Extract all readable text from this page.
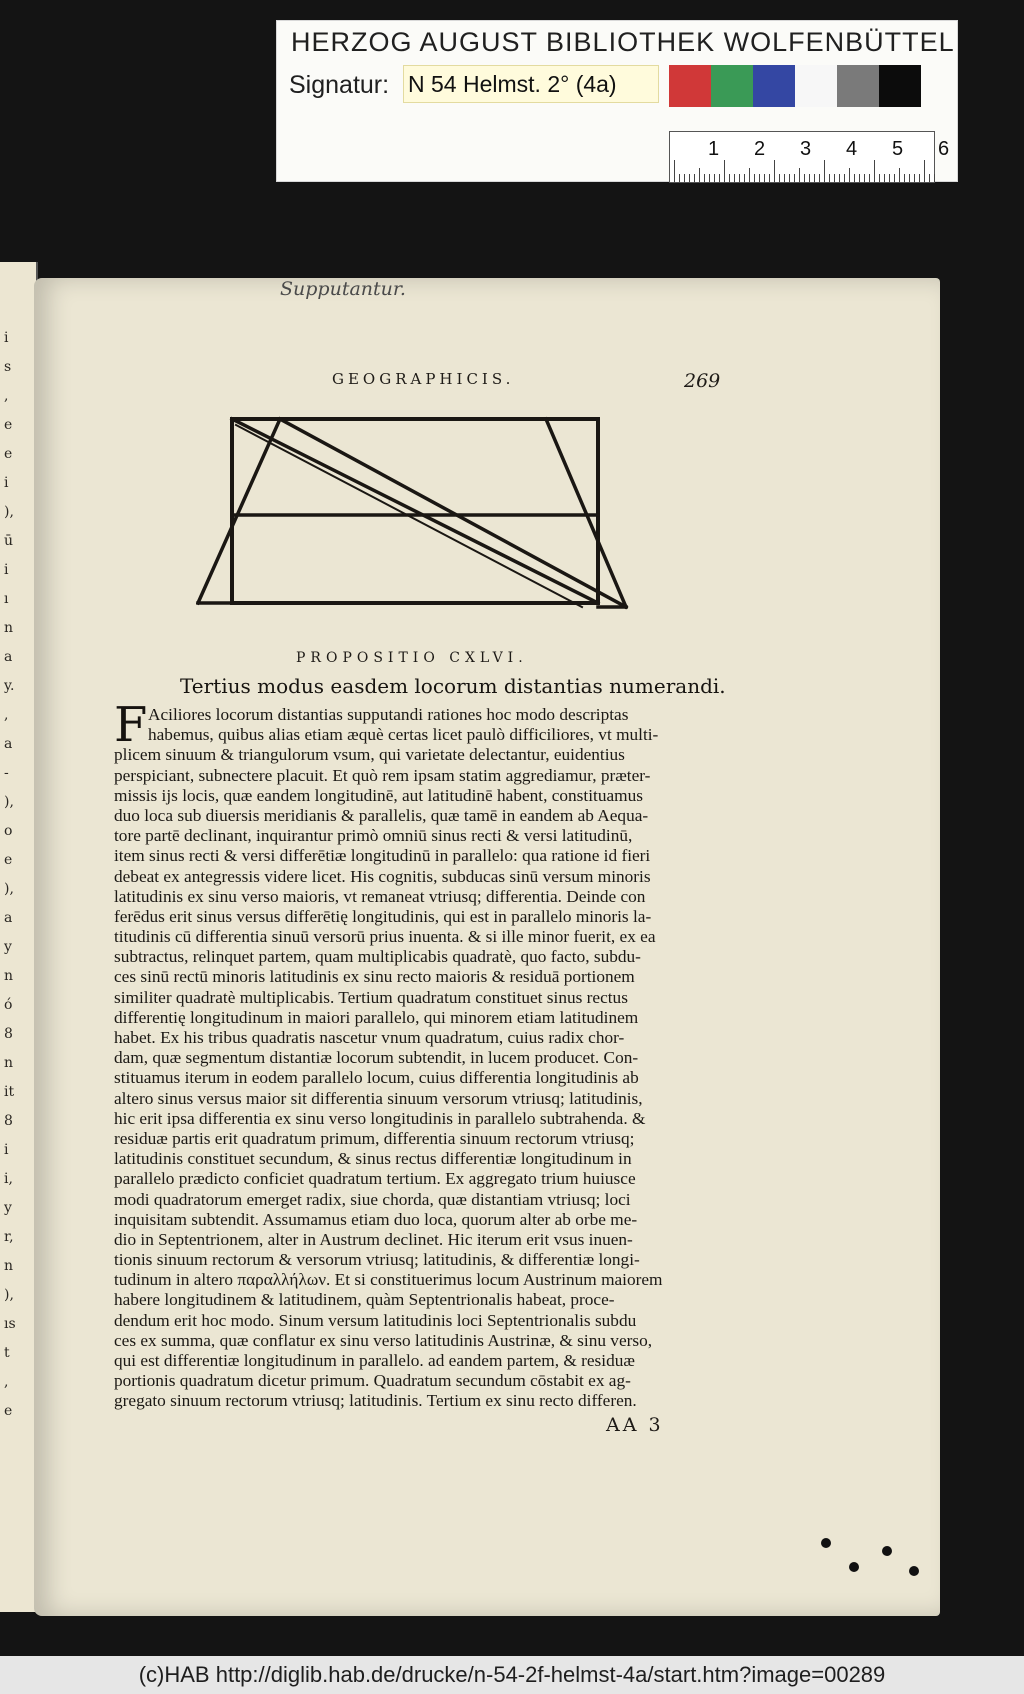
HERZOG AUGUST BIBLIOTHEK WOLFENBÜTTEL
Signatur: N 54 Helmst. 2° (4a)
1 2 3 4 5 6
i
s
,
e
e
i
),
ū
i
ı
n
a
y.
,
a
-
),
o
e
),
a
y
n
ó
8
n
it
8
i
i,
y
r,
n
),
ıs
t
,
e
Supputantur.
GEOGRAPHICIS.	269
PROPOSITIO CXLVI.
Tertius modus easdem locorum distantias numerandi.
F Aciliores locorum distantias supputandi rationes hoc modo descriptas
habemus, quibus alias etiam æquè certas licet paulò difficiliores, vt multi-
plicem sinuum & triangulorum vsum, qui varietate delectantur, euidentius
perspiciant, subnectere placuit. Et quò rem ipsam statim aggrediamur, præter-
missis ijs locis, quæ eandem longitudinē, aut latitudinē habent, constituamus
duo loca sub diuersis meridianis & parallelis, quæ tamē in eandem ab Aequa-
tore partē declinant, inquirantur primò omniū sinus recti & versi latitudinū,
item sinus recti & versi differētiæ longitudinū in parallelo: qua ratione id fieri
debeat ex antegressis videre licet. His cognitis, subducas sinū versum minoris
latitudinis ex sinu verso maioris, vt remaneat vtriusq; differentia. Deinde con
ferēdus erit sinus versus differētię longitudinis, qui est in parallelo minoris la-
titudinis cū differentia sinuū versorū prius inuenta. & si ille minor fuerit, ex ea
subtractus, relinquet partem, quam multiplicabis quadratè, quo facto, subdu-
ces sinū rectū minoris latitudinis ex sinu recto maioris & residuā portionem
similiter quadratè multiplicabis. Tertium quadratum constituet sinus rectus
differentię longitudinum in maiori parallelo, qui minorem etiam latitudinem
habet. Ex his tribus quadratis nascetur vnum quadratum, cuius radix chor-
dam, quæ segmentum distantiæ locorum subtendit, in lucem producet. Con-
stituamus iterum in eodem parallelo locum, cuius differentia longitudinis ab
altero sinus versus maior sit differentia sinuum versorum vtriusq; latitudinis,
hic erit ipsa differentia ex sinu verso longitudinis in parallelo subtrahenda. &
residuæ partis erit quadratum primum, differentia sinuum rectorum vtriusq;
latitudinis constituet secundum, & sinus rectus differentiæ longitudinum in
parallelo prædicto conficiet quadratum tertium. Ex aggregato trium huiusce
modi quadratorum emerget radix, siue chorda, quæ distantiam vtriusq; loci
inquisitam subtendit. Assumamus etiam duo loca, quorum alter ab orbe me-
dio in Septentrionem, alter in Austrum declinet. Hic iterum erit vsus inuen-
tionis sinuum rectorum & versorum vtriusq; latitudinis, & differentiæ longi-
tudinum in altero παραλλήλων. Et si constituerimus locum Austrinum maiorem
habere longitudinem & latitudinem, quàm Septentrionalis habeat, proce-
dendum erit hoc modo. Sinum versum latitudinis loci Septentrionalis subdu
ces ex summa, quæ conflatur ex sinu verso latitudinis Austrinæ, & sinu verso,
qui est differentiæ longitudinum in parallelo. ad eandem partem, & residuæ
portionis quadratum dicetur primum. Quadratum secundum cōstabit ex ag-
gregato sinuum rectorum vtriusq; latitudinis. Tertium ex sinu recto differen.
AA 3
(c)HAB http://diglib.hab.de/drucke/n-54-2f-helmst-4a/start.htm?image=00289
